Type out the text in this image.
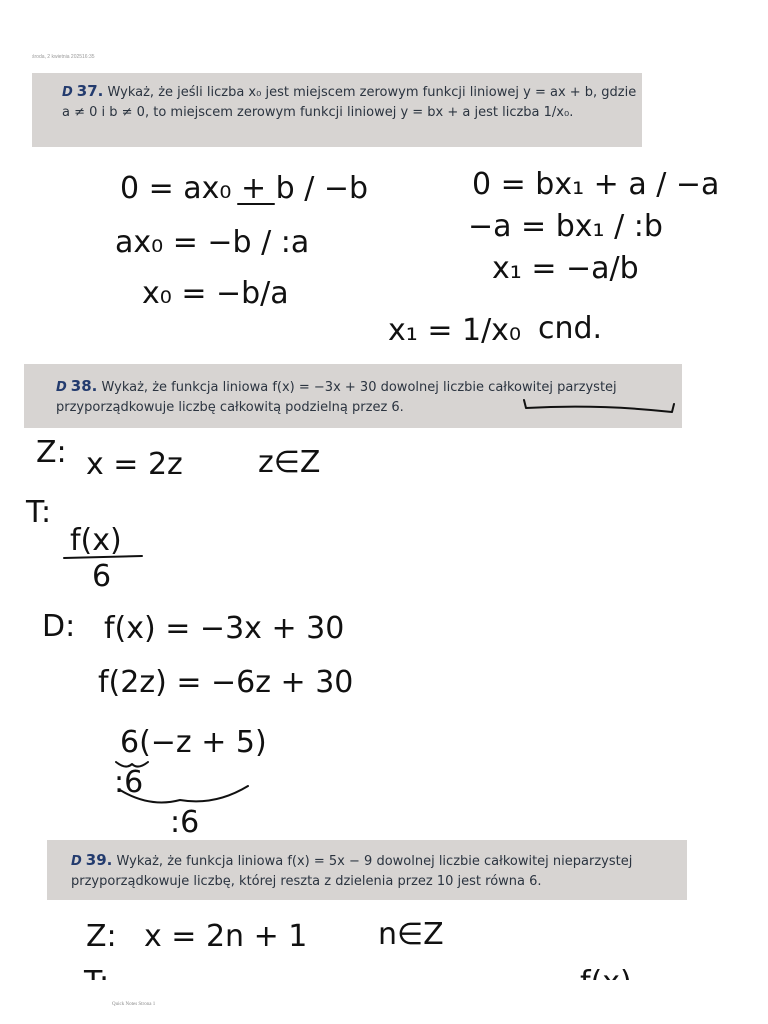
środa, 2 kwietnia 2025 16:35
D 37. Wykaż, że jeśli liczba x₀ jest miejscem zerowym funkcji liniowej y = ax + b, gdzie
a ≠ 0 i b ≠ 0, to miejscem zerowym funkcji liniowej y = bx + a jest liczba 1/x₀.
D 38. Wykaż, że funkcja liniowa f(x) = −3x + 30 dowolnej liczbie całkowitej parzystej
przyporządkowuje liczbę całkowitą podzielną przez 6.
D 39. Wykaż, że funkcja liniowa f(x) = 5x − 9 dowolnej liczbie całkowitej nieparzystej
przyporządkowuje liczbę, której reszta z dzielenia przez 10 jest równa 6.
0 = ax₀ + b / −b
ax₀ = −b / :a
x₀ = −b/a
0 = bx₁ + a / −a
−a = bx₁ / :b
x₁ = −a/b
x₁ = 1/x₀ cnd.
Z: x = 2z	z∈Z
T:
f(x)
6
D: f(x) = −3x + 30
f(2z) = −6z + 30
6(−z + 5)
:6
:6
Z: x = 2n + 1 n∈Z
T:	f(x)
Quick Notes Strona 1
